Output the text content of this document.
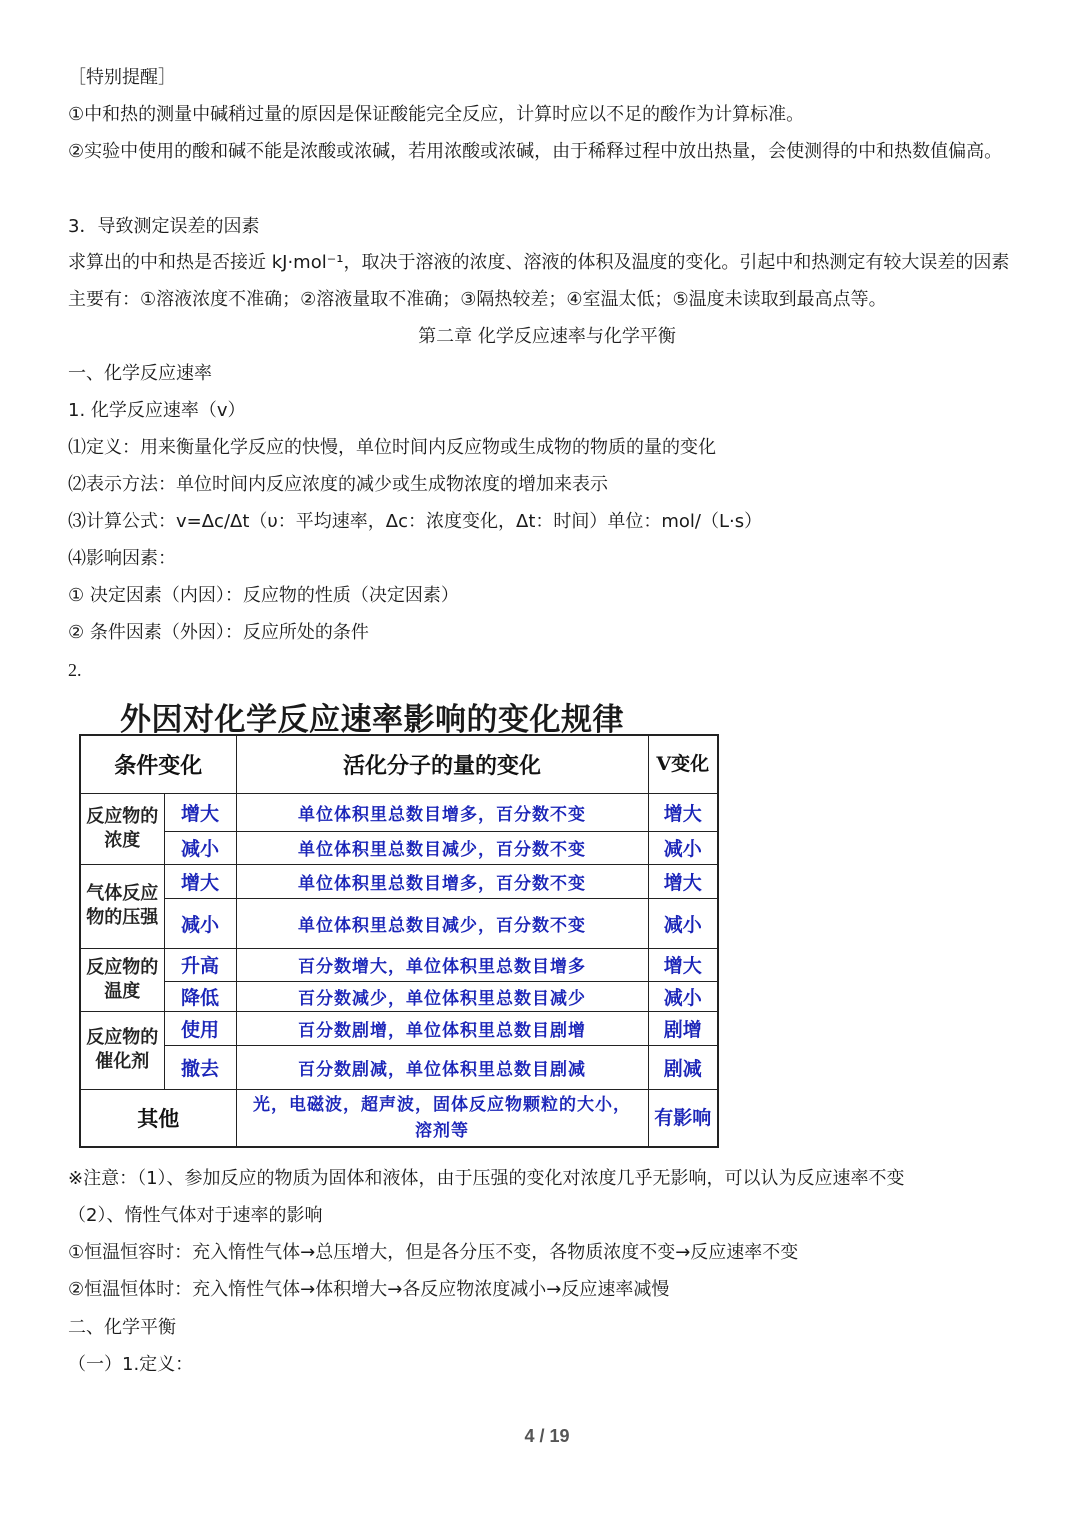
［特别提醒］
①中和热的测量中碱稍过量的原因是保证酸能完全反应，计算时应以不足的酸作为计算标准。
②实验中使用的酸和碱不能是浓酸或浓碱，若用浓酸或浓碱，由于稀释过程中放出热量，会使测得的中和热数值偏高。
3．导致测定误差的因素
求算出的中和热是否接近 kJ·mol⁻¹，取决于溶液的浓度、溶液的体积及温度的变化。引起中和热测定有较大误差的因素主要有：①溶液浓度不准确；②溶液量取不准确；③隔热较差；④室温太低；⑤温度未读取到最高点等。
第二章 化学反应速率与化学平衡
一、化学反应速率
1. 化学反应速率（v）
⑴定义：用来衡量化学反应的快慢，单位时间内反应物或生成物的物质的量的变化
⑵表示方法：单位时间内反应浓度的减少或生成物浓度的增加来表示
⑶计算公式：v=Δc/Δt（υ：平均速率，Δc：浓度变化，Δt：时间）单位：mol/（L·s）
⑷影响因素：
① 决定因素（内因）：反应物的性质（决定因素）
② 条件因素（外因）：反应所处的条件
2.
外因对化学反应速率影响的变化规律
条件变化		活化分子的量的变化	V变化
反应物的浓度	增大	单位体积里总数目增多，百分数不变	增大
	减小	单位体积里总数目减少，百分数不变	减小
气体反应物的压强	增大	单位体积里总数目增多，百分数不变	增大
	减小	单位体积里总数目减少，百分数不变	减小
反应物的温度	升高	百分数增大，单位体积里总数目增多	增大
	降低	百分数减少，单位体积里总数目减少	减小
反应物的催化剂	使用	百分数剧增，单位体积里总数目剧增	剧增
	撤去	百分数剧减，单位体积里总数目剧减	剧减
其他		光，电磁波，超声波，固体反应物颗粒的大小，溶剂等	有影响
※注意：（1）、参加反应的物质为固体和液体，由于压强的变化对浓度几乎无影响，可以认为反应速率不变
（2）、惰性气体对于速率的影响
①恒温恒容时：充入惰性气体→总压增大，但是各分压不变，各物质浓度不变→反应速率不变
②恒温恒体时：充入惰性气体→体积增大→各反应物浓度减小→反应速率减慢
二、化学平衡
（一）1.定义：
4 / 19
